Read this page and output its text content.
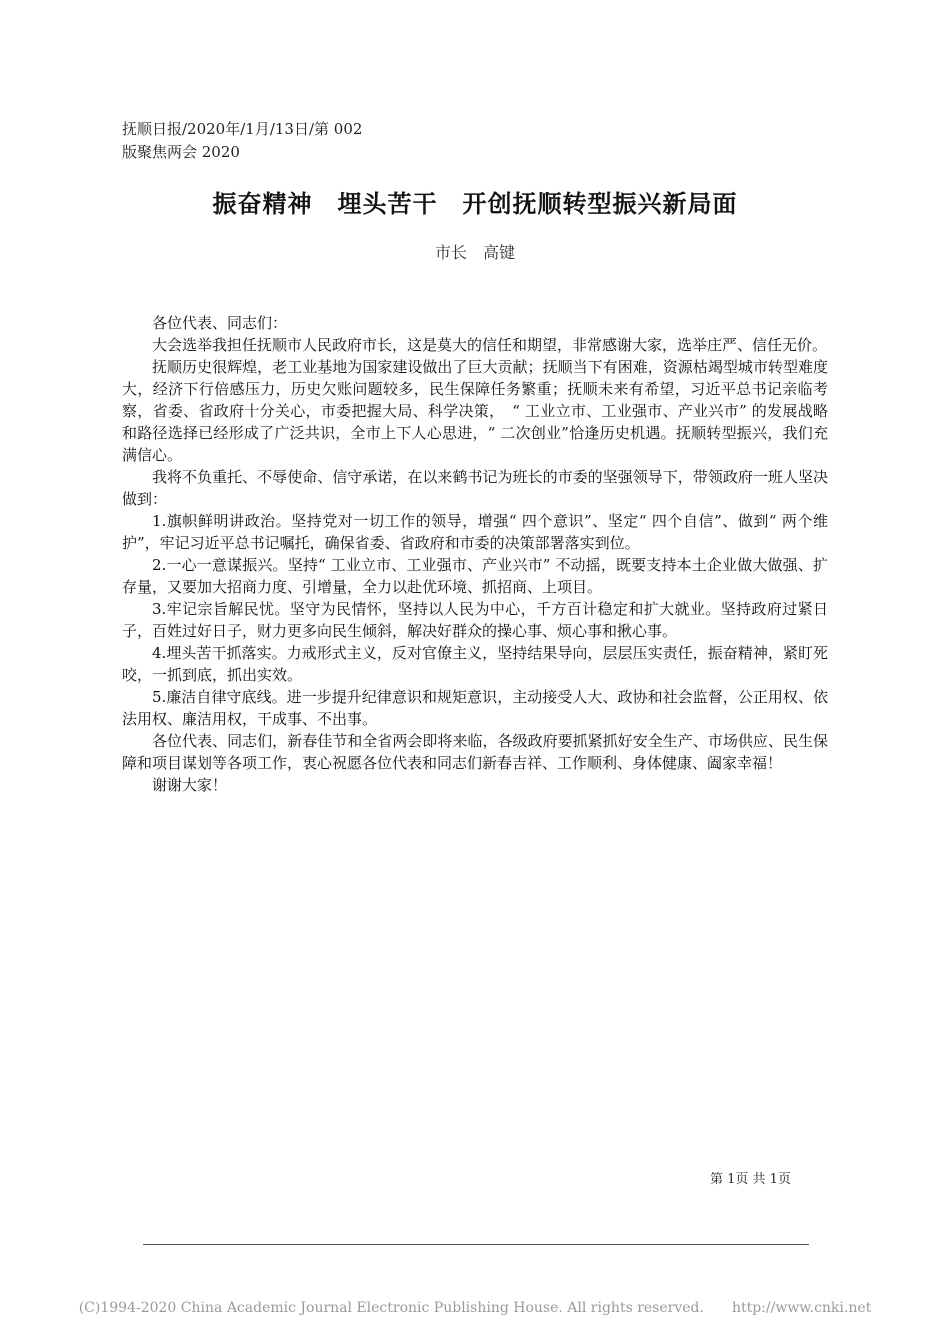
抚顺日报/2020年/1月/13日/第 002
版聚焦两会 2020
振奋精神　埋头苦干　开创抚顺转型振兴新局面
市长　高键

各位代表、同志们：

大会选举我担任抚顺市人民政府市长，这是莫大的信任和期望，非常感谢大家，选举庄严、信任无价。

抚顺历史很辉煌，老工业基地为国家建设做出了巨大贡献；抚顺当下有困难，资源枯竭型城市转型难度大，经济下行倍感压力，历史欠账问题较多，民生保障任务繁重；抚顺未来有希望，习近平总书记亲临考察，省委、省政府十分关心，市委把握大局、科学决策，　“ 工业立市、工业强市、产业兴市” 的发展战略和路径选择已经形成了广泛共识，全市上下人心思进，“ 二次创业”恰逢历史机遇。抚顺转型振兴，我们充满信心。

我将不负重托、不辱使命、信守承诺，在以来鹤书记为班长的市委的坚强领导下，带领政府一班人坚决做到：

1.旗帜鲜明讲政治。坚持党对一切工作的领导，增强“ 四个意识”、坚定“ 四个自信”、做到“ 两个维护”，牢记习近平总书记嘱托，确保省委、省政府和市委的决策部署落实到位。

2.一心一意谋振兴。坚持“ 工业立市、工业强市、产业兴市” 不动摇，既要支持本土企业做大做强、扩存量，又要加大招商力度、引增量，全力以赴优环境、抓招商、上项目。

3.牢记宗旨解民忧。坚守为民情怀，坚持以人民为中心，千方百计稳定和扩大就业。坚持政府过紧日子，百姓过好日子，财力更多向民生倾斜，解决好群众的操心事、烦心事和揪心事。

4.埋头苦干抓落实。力戒形式主义，反对官僚主义，坚持结果导向，层层压实责任，振奋精神，紧盯死咬，一抓到底，抓出实效。

5.廉洁自律守底线。进一步提升纪律意识和规矩意识，主动接受人大、政协和社会监督，公正用权、依法用权、廉洁用权，干成事、不出事。

各位代表、同志们，新春佳节和全省两会即将来临，各级政府要抓紧抓好安全生产、市场供应、民生保障和项目谋划等各项工作，衷心祝愿各位代表和同志们新春吉祥、工作顺利、身体健康、阖家幸福！

谢谢大家！

第 1页 共 1页
(C)1994-2020 China Academic Journal Electronic Publishing House. All rights reserved.　　http://www.cnki.net
